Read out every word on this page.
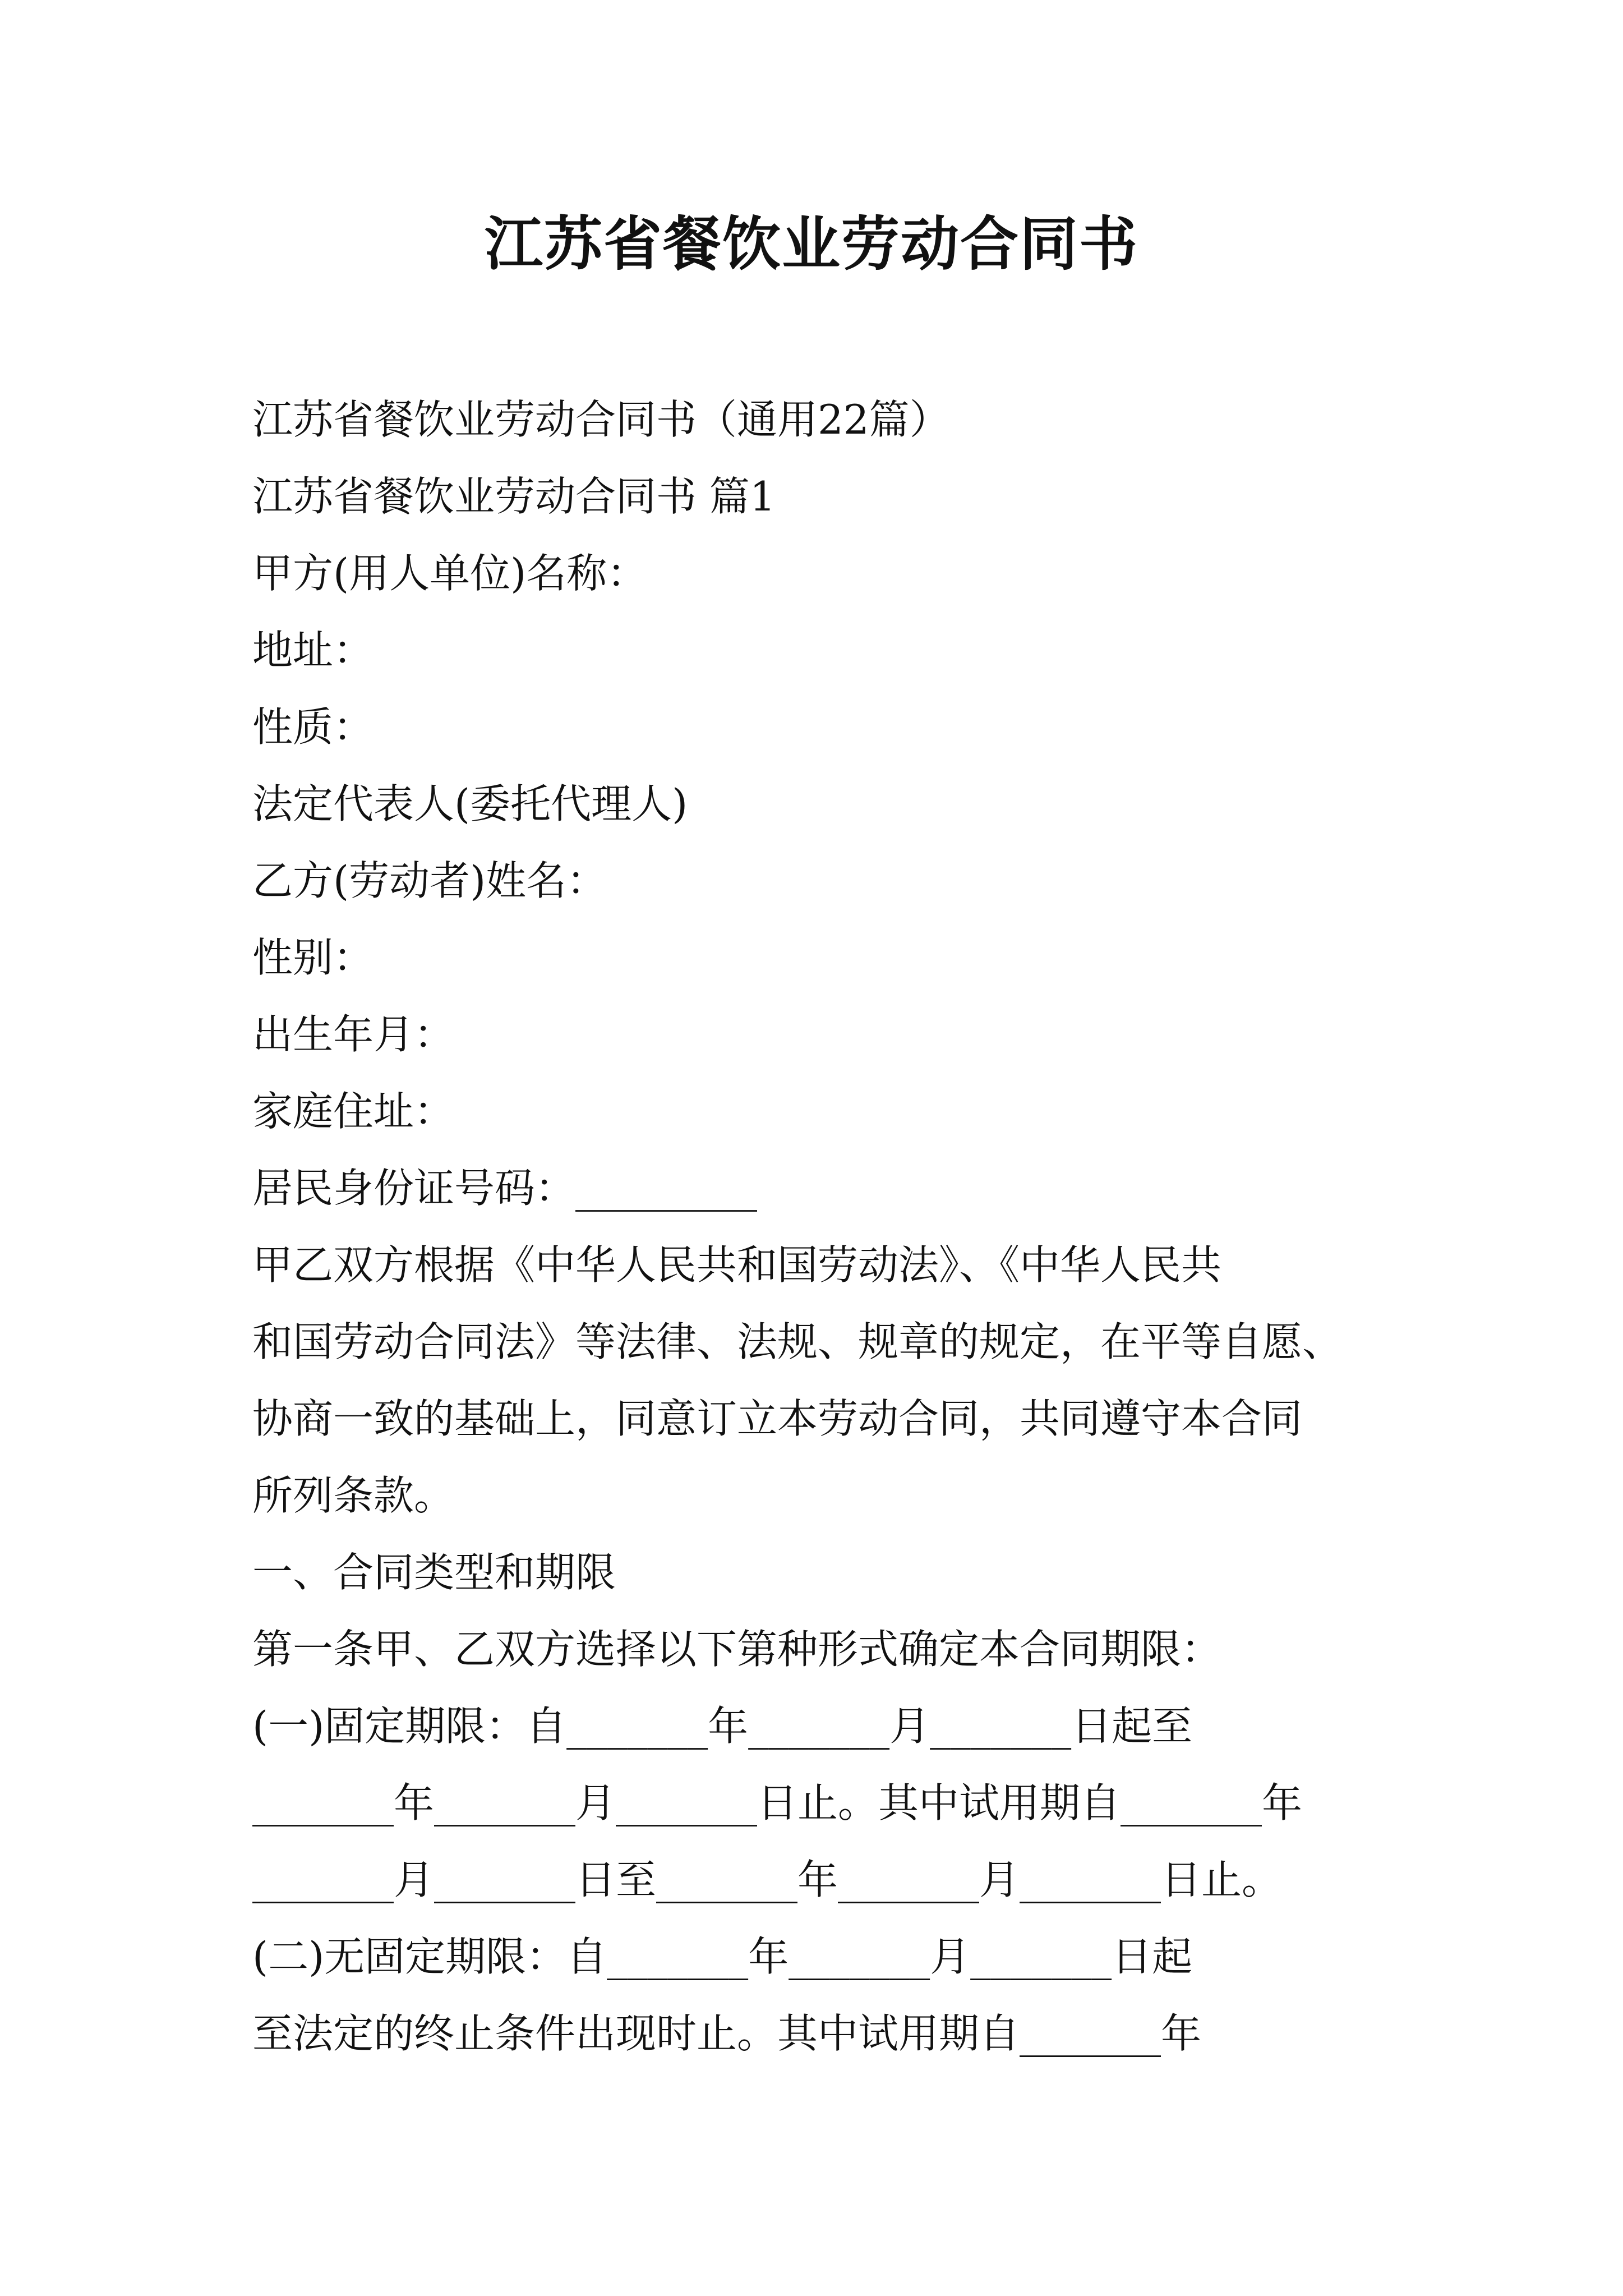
江苏省餐饮业劳动合同书
江苏省餐饮业劳动合同书（通用22篇）
江苏省餐饮业劳动合同书 篇1
甲方(用人单位)名称：
地址：
性质：
法定代表人(委托代理人)
乙方(劳动者)姓名：
性别：
出生年月：
家庭住址：
居民身份证号码：_________
甲乙双方根据《中华人民共和国劳动法》、《中华人民共
和国劳动合同法》等法律、法规、规章的规定，在平等自愿、
协商一致的基础上，同意订立本劳动合同，共同遵守本合同
所列条款。
一、合同类型和期限
第一条甲、乙双方选择以下第种形式确定本合同期限：
(一)固定期限：自_______年_______月_______日起至
_______年_______月_______日止。其中试用期自_______年
_______月_______日至_______年_______月_______日止。
(二)无固定期限：自_______年_______月_______日起
至法定的终止条件出现时止。其中试用期自_______年
